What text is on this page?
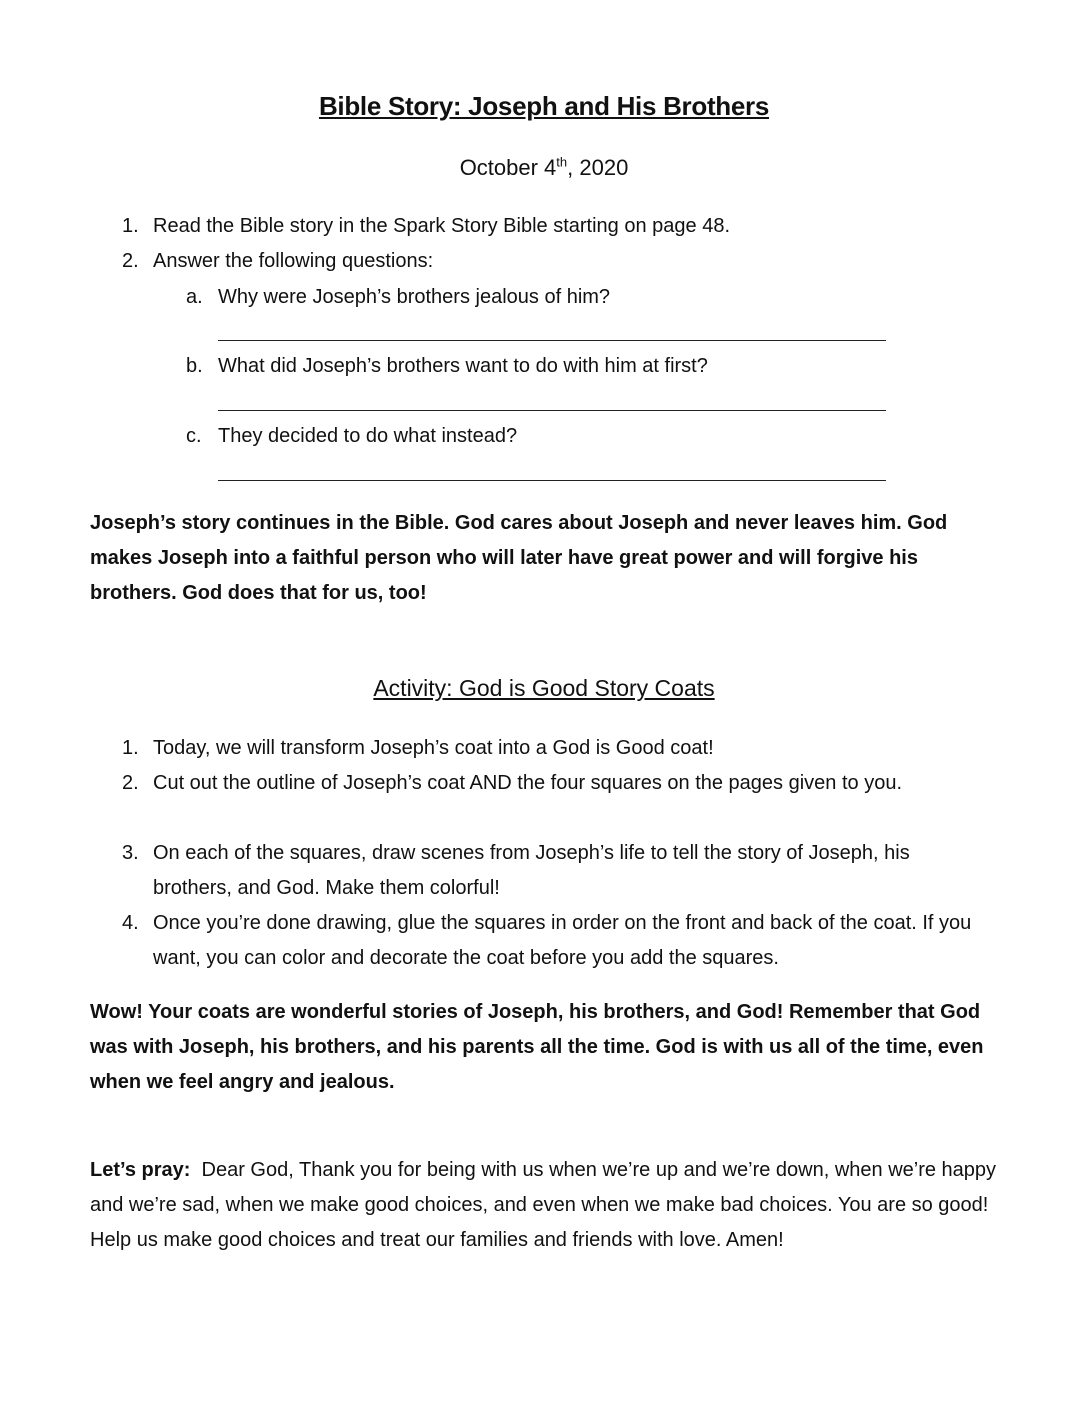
Bible Story: Joseph and His Brothers
October 4th, 2020
1. Read the Bible story in the Spark Story Bible starting on page 48.
2. Answer the following questions:
a. Why were Joseph’s brothers jealous of him?
b. What did Joseph’s brothers want to do with him at first?
c. They decided to do what instead?
Joseph’s story continues in the Bible. God cares about Joseph and never leaves him. God makes Joseph into a faithful person who will later have great power and will forgive his brothers. God does that for us, too!
Activity: God is Good Story Coats
1. Today, we will transform Joseph’s coat into a God is Good coat!
2. Cut out the outline of Joseph’s coat AND the four squares on the pages given to you.
3. On each of the squares, draw scenes from Joseph’s life to tell the story of Joseph, his brothers, and God. Make them colorful!
4. Once you’re done drawing, glue the squares in order on the front and back of the coat. If you want, you can color and decorate the coat before you add the squares.
Wow! Your coats are wonderful stories of Joseph, his brothers, and God! Remember that God was with Joseph, his brothers, and his parents all the time. God is with us all of the time, even when we feel angry and jealous.
Let’s pray:  Dear God, Thank you for being with us when we’re up and we’re down, when we’re happy and we’re sad, when we make good choices, and even when we make bad choices. You are so good! Help us make good choices and treat our families and friends with love. Amen!
